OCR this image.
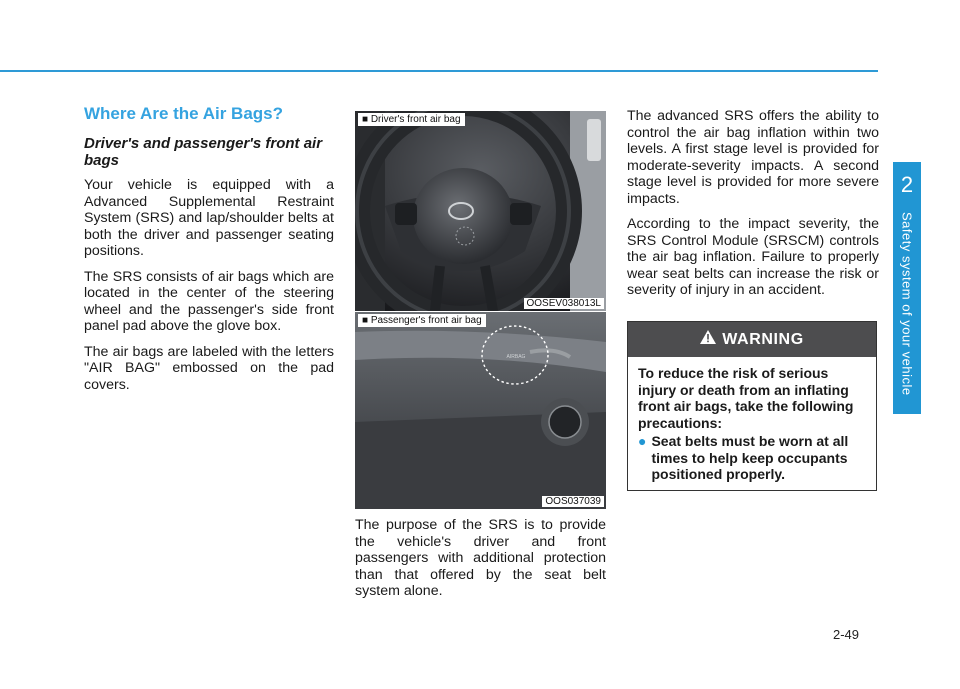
2
Safety system of your vehicle
Where Are the Air Bags?
Driver's and passenger's front air bags

Your vehicle is equipped with a Advanced Supplemental Restraint System (SRS) and lap/shoulder belts at both the driver and passenger seating positions.

The SRS consists of air bags which are located in the center of the steering wheel and the passenger's side front panel pad above the glove box.

The air bags are labeled with the letters "AIR BAG" embossed on the pad covers.

■ Driver's front air bag
OOSEV038013L
AIRBAG
■ Passenger's front air bag
OOS037039

The purpose of the SRS is to provide the vehicle's driver and front passengers with additional protection than that offered by the seat belt system alone.

The advanced SRS offers the ability to control the air bag inflation within two levels. A first stage level is provided for moderate-severity impacts. A second stage level is provided for more severe impacts.

According to the impact severity, the SRS Control Module (SRSCM) controls the air bag inflation. Failure to properly wear seat belts can increase the risk or severity of injury in an accident.

WARNING

To reduce the risk of serious injury or death from an inflating front air bags, take the following precautions:

● Seat belts must be worn at all times to help keep occupants positioned properly.
2-49
